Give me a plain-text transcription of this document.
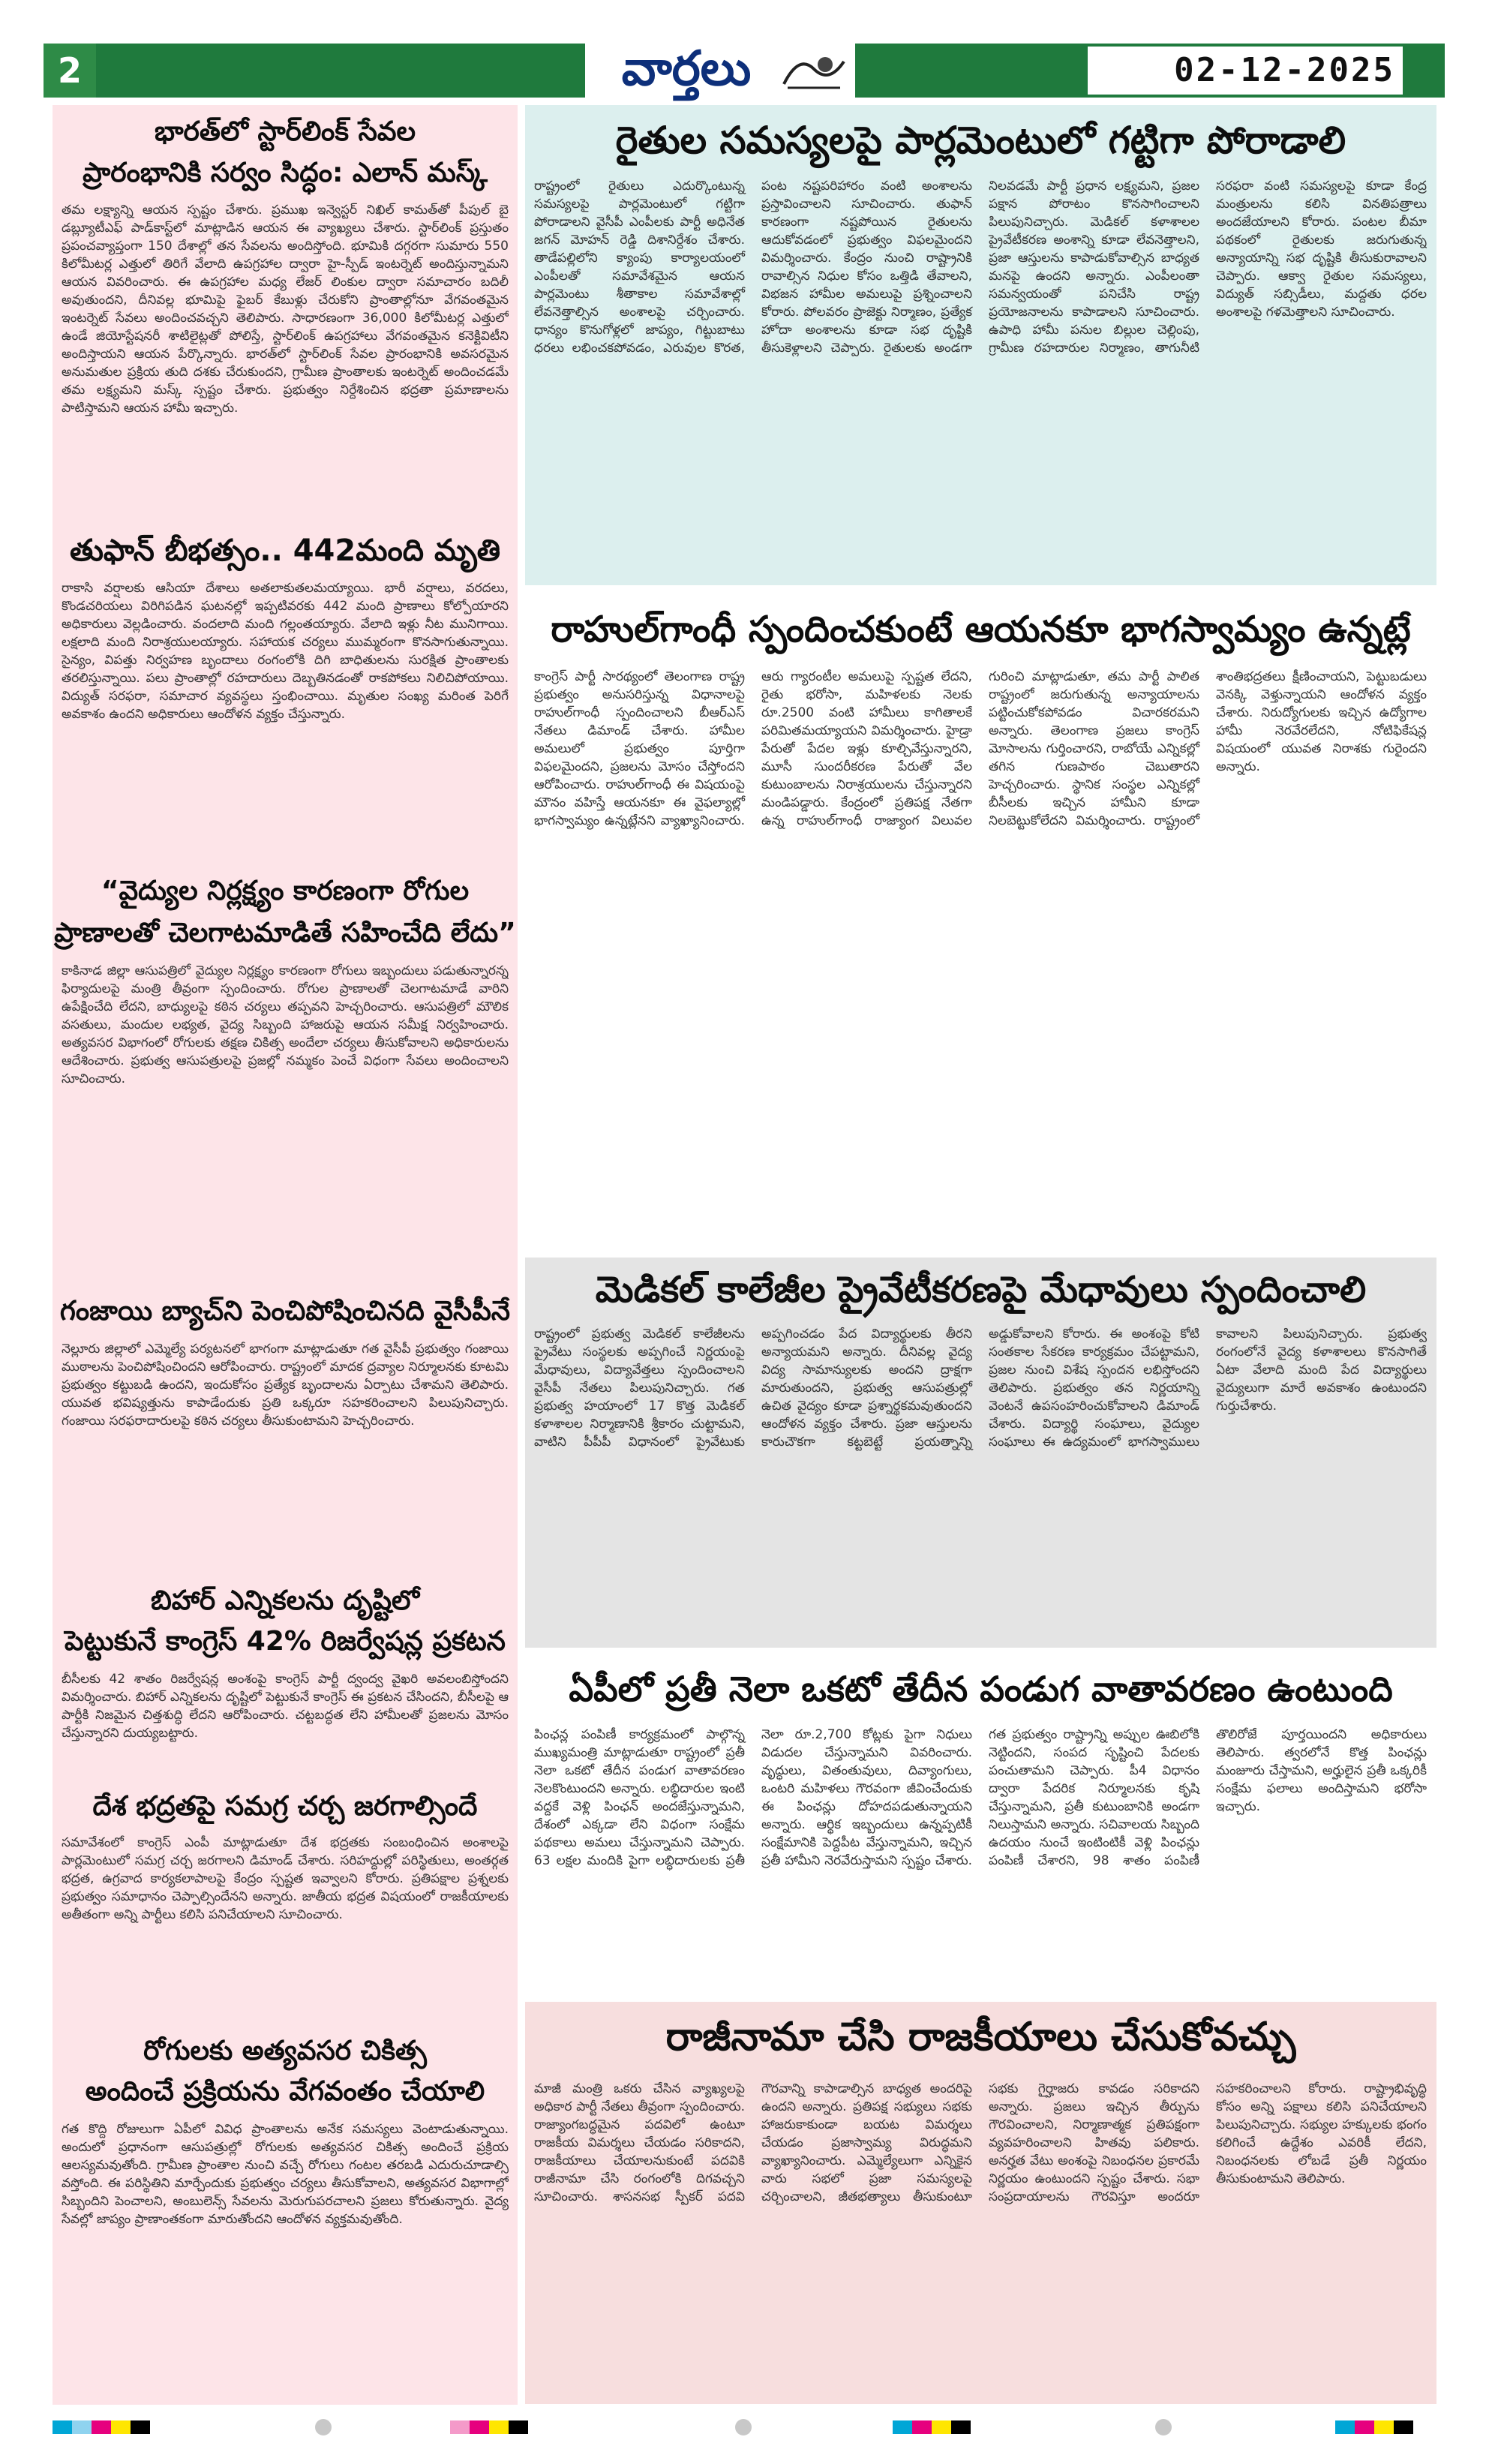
2	వార్తలు	02-12-2025
భారత్‌లో స్టార్‌లింక్ సేవల
ప్రారంభానికి సర్వం సిద్ధం: ఎలాన్ మస్క్
తమ లక్ష్యాన్ని ఆయన స్పష్టం చేశారు. ప్రముఖ ఇన్వెస్టర్ నిఖిల్ కామత్‌తో పీపుల్ బై డబ్ల్యూటీఎఫ్ పాడ్‌కాస్ట్‌లో మాట్లాడిన ఆయన ఈ వ్యాఖ్యలు చేశారు. స్టార్‌లింక్ ప్రస్తుతం ప్రపంచవ్యాప్తంగా 150 దేశాల్లో తన సేవలను అందిస్తోంది. భూమికి దగ్గరగా సుమారు 550 కిలోమీటర్ల ఎత్తులో తిరిగే వేలాది ఉపగ్రహాల ద్వారా హై-స్పీడ్ ఇంటర్నెట్ అందిస్తున్నామని ఆయన వివరించారు. ఈ ఉపగ్రహాల మధ్య లేజర్ లింకుల ద్వారా సమాచారం బదిలీ అవుతుందని, దీనివల్ల భూమిపై ఫైబర్ కేబుళ్లు చేరుకోని ప్రాంతాల్లోనూ వేగవంతమైన ఇంటర్నెట్ సేవలు అందించవచ్చని తెలిపారు. సాధారణంగా 36,000 కిలోమీటర్ల ఎత్తులో ఉండే జియోస్టేషనరీ శాటిలైట్లతో పోలిస్తే, స్టార్‌లింక్ ఉపగ్రహాలు వేగవంతమైన కనెక్టివిటీని అందిస్తాయని ఆయన పేర్కొన్నారు. భారత్‌లో స్టార్‌లింక్ సేవల ప్రారంభానికి అవసరమైన అనుమతుల ప్రక్రియ తుది దశకు చేరుకుందని, గ్రామీణ ప్రాంతాలకు ఇంటర్నెట్ అందించడమే తమ లక్ష్యమని మస్క్ స్పష్టం చేశారు. ప్రభుత్వం నిర్దేశించిన భద్రతా ప్రమాణాలను పాటిస్తామని ఆయన హామీ ఇచ్చారు.
తుఫాన్ బీభత్సం.. 442మంది మృతి
రాకాసి వర్షాలకు ఆసియా దేశాలు అతలాకుతలమయ్యాయి. భారీ వర్షాలు, వరదలు, కొండచరియలు విరిగిపడిన ఘటనల్లో ఇప్పటివరకు 442 మంది ప్రాణాలు కోల్పోయారని అధికారులు వెల్లడించారు. వందలాది మంది గల్లంతయ్యారు. వేలాది ఇళ్లు నీట మునిగాయి. లక్షలాది మంది నిరాశ్రయులయ్యారు. సహాయక చర్యలు ముమ్మరంగా కొనసాగుతున్నాయి. సైన్యం, విపత్తు నిర్వహణ బృందాలు రంగంలోకి దిగి బాధితులను సురక్షిత ప్రాంతాలకు తరలిస్తున్నాయి. పలు ప్రాంతాల్లో రహదారులు దెబ్బతినడంతో రాకపోకలు నిలిచిపోయాయి. విద్యుత్ సరఫరా, సమాచార వ్యవస్థలు స్తంభించాయి. మృతుల సంఖ్య మరింత పెరిగే అవకాశం ఉందని అధికారులు ఆందోళన వ్యక్తం చేస్తున్నారు.
“వైద్యుల నిర్లక్ష్యం కారణంగా రోగుల
ప్రాణాలతో చెలగాటమాడితే సహించేది లేదు”
కాకినాడ జిల్లా ఆసుపత్రిలో వైద్యుల నిర్లక్ష్యం కారణంగా రోగులు ఇబ్బందులు పడుతున్నారన్న ఫిర్యాదులపై మంత్రి తీవ్రంగా స్పందించారు. రోగుల ప్రాణాలతో చెలగాటమాడే వారిని ఉపేక్షించేది లేదని, బాధ్యులపై కఠిన చర్యలు తప్పవని హెచ్చరించారు. ఆసుపత్రిలో మౌలిక వసతులు, మందుల లభ్యత, వైద్య సిబ్బంది హాజరుపై ఆయన సమీక్ష నిర్వహించారు. అత్యవసర విభాగంలో రోగులకు తక్షణ చికిత్స అందేలా చర్యలు తీసుకోవాలని అధికారులను ఆదేశించారు. ప్రభుత్వ ఆసుపత్రులపై ప్రజల్లో నమ్మకం పెంచే విధంగా సేవలు అందించాలని సూచించారు.
గంజాయి బ్యాచ్‌ని పెంచిపోషించినది వైసీపీనే
నెల్లూరు జిల్లాలో ఎమ్మెల్యే పర్యటనలో భాగంగా మాట్లాడుతూ గత వైసీపీ ప్రభుత్వం గంజాయి ముఠాలను పెంచిపోషించిందని ఆరోపించారు. రాష్ట్రంలో మాదక ద్రవ్యాల నిర్మూలనకు కూటమి ప్రభుత్వం కట్టుబడి ఉందని, ఇందుకోసం ప్రత్యేక బృందాలను ఏర్పాటు చేశామని తెలిపారు. యువత భవిష్యత్తును కాపాడేందుకు ప్రతి ఒక్కరూ సహకరించాలని పిలుపునిచ్చారు. గంజాయి సరఫరాదారులపై కఠిన చర్యలు తీసుకుంటామని హెచ్చరించారు.
బిహార్ ఎన్నికలను దృష్టిలో
పెట్టుకునే కాంగ్రెస్ 42% రిజర్వేషన్ల ప్రకటన
బీసీలకు 42 శాతం రిజర్వేషన్ల అంశంపై కాంగ్రెస్ పార్టీ ద్వంద్వ వైఖరి అవలంబిస్తోందని విమర్శించారు. బిహార్ ఎన్నికలను దృష్టిలో పెట్టుకునే కాంగ్రెస్ ఈ ప్రకటన చేసిందని, బీసీలపై ఆ పార్టీకి నిజమైన చిత్తశుద్ధి లేదని ఆరోపించారు. చట్టబద్ధత లేని హామీలతో ప్రజలను మోసం చేస్తున్నారని దుయ్యబట్టారు.
దేశ భద్రతపై సమగ్ర చర్చ జరగాల్సిందే
సమావేశంలో కాంగ్రెస్ ఎంపీ మాట్లాడుతూ దేశ భద్రతకు సంబంధించిన అంశాలపై పార్లమెంటులో సమగ్ర చర్చ జరగాలని డిమాండ్ చేశారు. సరిహద్దుల్లో పరిస్థితులు, అంతర్గత భద్రత, ఉగ్రవాద కార్యకలాపాలపై కేంద్రం స్పష్టత ఇవ్వాలని కోరారు. ప్రతిపక్షాల ప్రశ్నలకు ప్రభుత్వం సమాధానం చెప్పాల్సిందేనని అన్నారు. జాతీయ భద్రత విషయంలో రాజకీయాలకు అతీతంగా అన్ని పార్టీలు కలిసి పనిచేయాలని సూచించారు.
రోగులకు అత్యవసర చికిత్స
అందించే ప్రక్రియను వేగవంతం చేయాలి
గత కొద్ది రోజులుగా ఏపీలో వివిధ ప్రాంతాలను అనేక సమస్యలు వెంటాడుతున్నాయి. అందులో ప్రధానంగా ఆసుపత్రుల్లో రోగులకు అత్యవసర చికిత్స అందించే ప్రక్రియ ఆలస్యమవుతోంది. గ్రామీణ ప్రాంతాల నుంచి వచ్చే రోగులు గంటల తరబడి ఎదురుచూడాల్సి వస్తోంది. ఈ పరిస్థితిని మార్చేందుకు ప్రభుత్వం చర్యలు తీసుకోవాలని, అత్యవసర విభాగాల్లో సిబ్బందిని పెంచాలని, అంబులెన్స్ సేవలను మెరుగుపరచాలని ప్రజలు కోరుతున్నారు. వైద్య సేవల్లో జాప్యం ప్రాణాంతకంగా మారుతోందని ఆందోళన వ్యక్తమవుతోంది.
రైతుల సమస్యలపై పార్లమెంటులో గట్టిగా పోరాడాలి
రాష్ట్రంలో రైతులు ఎదుర్కొంటున్న సమస్యలపై పార్లమెంటులో గట్టిగా పోరాడాలని వైసీపీ ఎంపీలకు పార్టీ అధినేత జగన్ మోహన్ రెడ్డి దిశానిర్దేశం చేశారు. తాడేపల్లిలోని క్యాంపు కార్యాలయంలో ఎంపీలతో సమావేశమైన ఆయన పార్లమెంటు శీతాకాల సమావేశాల్లో లేవనెత్తాల్సిన అంశాలపై చర్చించారు. ధాన్యం కొనుగోళ్లలో జాప్యం, గిట్టుబాటు ధరలు లభించకపోవడం, ఎరువుల కొరత, పంట నష్టపరిహారం వంటి అంశాలను ప్రస్తావించాలని సూచించారు. తుఫాన్ కారణంగా నష్టపోయిన రైతులను ఆదుకోవడంలో ప్రభుత్వం విఫలమైందని విమర్శించారు. కేంద్రం నుంచి రాష్ట్రానికి రావాల్సిన నిధుల కోసం ఒత్తిడి తేవాలని, విభజన హామీల అమలుపై ప్రశ్నించాలని కోరారు. పోలవరం ప్రాజెక్టు నిర్మాణం, ప్రత్యేక హోదా అంశాలను కూడా సభ దృష్టికి తీసుకెళ్లాలని చెప్పారు. రైతులకు అండగా నిలవడమే పార్టీ ప్రధాన లక్ష్యమని, ప్రజల పక్షాన పోరాటం కొనసాగించాలని పిలుపునిచ్చారు. మెడికల్ కళాశాలల ప్రైవేటీకరణ అంశాన్ని కూడా లేవనెత్తాలని, ప్రజా ఆస్తులను కాపాడుకోవాల్సిన బాధ్యత మనపై ఉందని అన్నారు. ఎంపీలంతా సమన్వయంతో పనిచేసి రాష్ట్ర ప్రయోజనాలను కాపాడాలని సూచించారు. ఉపాధి హామీ పనుల బిల్లుల చెల్లింపు, గ్రామీణ రహదారుల నిర్మాణం, తాగునీటి సరఫరా వంటి సమస్యలపై కూడా కేంద్ర మంత్రులను కలిసి వినతిపత్రాలు అందజేయాలని కోరారు. పంటల బీమా పథకంలో రైతులకు జరుగుతున్న అన్యాయాన్ని సభ దృష్టికి తీసుకురావాలని చెప్పారు. ఆక్వా రైతుల సమస్యలు, విద్యుత్ సబ్సిడీలు, మద్దతు ధరల అంశాలపై గళమెత్తాలని సూచించారు.
రాహుల్‌గాంధీ స్పందించకుంటే ఆయనకూ భాగస్వామ్యం ఉన్నట్లే
కాంగ్రెస్ పార్టీ సారథ్యంలో తెలంగాణ రాష్ట్ర ప్రభుత్వం అనుసరిస్తున్న విధానాలపై రాహుల్‌గాంధీ స్పందించాలని బీఆర్ఎస్ నేతలు డిమాండ్ చేశారు. హామీల అమలులో ప్రభుత్వం పూర్తిగా విఫలమైందని, ప్రజలను మోసం చేస్తోందని ఆరోపించారు. రాహుల్‌గాంధీ ఈ విషయంపై మౌనం వహిస్తే ఆయనకూ ఈ వైఫల్యాల్లో భాగస్వామ్యం ఉన్నట్లేనని వ్యాఖ్యానించారు. ఆరు గ్యారంటీల అమలుపై స్పష్టత లేదని, రైతు భరోసా, మహిళలకు నెలకు రూ.2500 వంటి హామీలు కాగితాలకే పరిమితమయ్యాయని విమర్శించారు. హైడ్రా పేరుతో పేదల ఇళ్లు కూల్చివేస్తున్నారని, మూసీ సుందరీకరణ పేరుతో వేల కుటుంబాలను నిరాశ్రయులను చేస్తున్నారని మండిపడ్డారు. కేంద్రంలో ప్రతిపక్ష నేతగా ఉన్న రాహుల్‌గాంధీ రాజ్యాంగ విలువల గురించి మాట్లాడుతూ, తమ పార్టీ పాలిత రాష్ట్రంలో జరుగుతున్న అన్యాయాలను పట్టించుకోకపోవడం విచారకరమని అన్నారు. తెలంగాణ ప్రజలు కాంగ్రెస్ మోసాలను గుర్తించారని, రాబోయే ఎన్నికల్లో తగిన గుణపాఠం చెబుతారని హెచ్చరించారు. స్థానిక సంస్థల ఎన్నికల్లో బీసీలకు ఇచ్చిన హామీని కూడా నిలబెట్టుకోలేదని విమర్శించారు. రాష్ట్రంలో శాంతిభద్రతలు క్షీణించాయని, పెట్టుబడులు వెనక్కి వెళ్తున్నాయని ఆందోళన వ్యక్తం చేశారు. నిరుద్యోగులకు ఇచ్చిన ఉద్యోగాల హామీ నెరవేరలేదని, నోటిఫికేషన్ల విషయంలో యువత నిరాశకు గురైందని అన్నారు.
మెడికల్ కాలేజీల ప్రైవేటీకరణపై మేధావులు స్పందించాలి
రాష్ట్రంలో ప్రభుత్వ మెడికల్ కాలేజీలను ప్రైవేటు సంస్థలకు అప్పగించే నిర్ణయంపై మేధావులు, విద్యావేత్తలు స్పందించాలని వైసీపీ నేతలు పిలుపునిచ్చారు. గత ప్రభుత్వ హయాంలో 17 కొత్త మెడికల్ కళాశాలల నిర్మాణానికి శ్రీకారం చుట్టామని, వాటిని పీపీపీ విధానంలో ప్రైవేటుకు అప్పగించడం పేద విద్యార్థులకు తీరని అన్యాయమని అన్నారు. దీనివల్ల వైద్య విద్య సామాన్యులకు అందని ద్రాక్షగా మారుతుందని, ప్రభుత్వ ఆసుపత్రుల్లో ఉచిత వైద్యం కూడా ప్రశ్నార్థకమవుతుందని ఆందోళన వ్యక్తం చేశారు. ప్రజా ఆస్తులను కారుచౌకగా కట్టబెట్టే ప్రయత్నాన్ని అడ్డుకోవాలని కోరారు. ఈ అంశంపై కోటి సంతకాల సేకరణ కార్యక్రమం చేపట్టామని, ప్రజల నుంచి విశేష స్పందన లభిస్తోందని తెలిపారు. ప్రభుత్వం తన నిర్ణయాన్ని వెంటనే ఉపసంహరించుకోవాలని డిమాండ్ చేశారు. విద్యార్థి సంఘాలు, వైద్యుల సంఘాలు ఈ ఉద్యమంలో భాగస్వాములు కావాలని పిలుపునిచ్చారు. ప్రభుత్వ రంగంలోనే వైద్య కళాశాలలు కొనసాగితే ఏటా వేలాది మంది పేద విద్యార్థులు వైద్యులుగా మారే అవకాశం ఉంటుందని గుర్తుచేశారు.
ఏపీలో ప్రతీ నెలా ఒకటో తేదీన పండుగ వాతావరణం ఉంటుంది
పింఛన్ల పంపిణీ కార్యక్రమంలో పాల్గొన్న ముఖ్యమంత్రి మాట్లాడుతూ రాష్ట్రంలో ప్రతీ నెలా ఒకటో తేదీన పండుగ వాతావరణం నెలకొంటుందని అన్నారు. లబ్ధిదారుల ఇంటి వద్దకే వెళ్లి పింఛన్ అందజేస్తున్నామని, దేశంలో ఎక్కడా లేని విధంగా సంక్షేమ పథకాలు అమలు చేస్తున్నామని చెప్పారు. 63 లక్షల మందికి పైగా లబ్ధిదారులకు ప్రతీ నెలా రూ.2,700 కోట్లకు పైగా నిధులు విడుదల చేస్తున్నామని వివరించారు. వృద్ధులు, వితంతువులు, దివ్యాంగులు, ఒంటరి మహిళలు గౌరవంగా జీవించేందుకు ఈ పింఛన్లు దోహదపడుతున్నాయని అన్నారు. ఆర్థిక ఇబ్బందులు ఉన్నప్పటికీ సంక్షేమానికి పెద్దపీట వేస్తున్నామని, ఇచ్చిన ప్రతీ హామీని నెరవేరుస్తామని స్పష్టం చేశారు. గత ప్రభుత్వం రాష్ట్రాన్ని అప్పుల ఊబిలోకి నెట్టిందని, సంపద సృష్టించి పేదలకు పంచుతామని చెప్పారు. పీ4 విధానం ద్వారా పేదరిక నిర్మూలనకు కృషి చేస్తున్నామని, ప్రతీ కుటుంబానికి అండగా నిలుస్తామని అన్నారు. సచివాలయ సిబ్బంది ఉదయం నుంచే ఇంటింటికీ వెళ్లి పింఛన్లు పంపిణీ చేశారని, 98 శాతం పంపిణీ తొలిరోజే పూర్తయిందని అధికారులు తెలిపారు. త్వరలోనే కొత్త పింఛన్లు మంజూరు చేస్తామని, అర్హులైన ప్రతీ ఒక్కరికీ సంక్షేమ ఫలాలు అందిస్తామని భరోసా ఇచ్చారు.
రాజీనామా చేసి రాజకీయాలు చేసుకోవచ్చు
మాజీ మంత్రి ఒకరు చేసిన వ్యాఖ్యలపై అధికార పార్టీ నేతలు తీవ్రంగా స్పందించారు. రాజ్యాంగబద్ధమైన పదవిలో ఉంటూ రాజకీయ విమర్శలు చేయడం సరికాదని, రాజకీయాలు చేయాలనుకుంటే పదవికి రాజీనామా చేసి రంగంలోకి దిగవచ్చని సూచించారు. శాసనసభ స్పీకర్ పదవి గౌరవాన్ని కాపాడాల్సిన బాధ్యత అందరిపై ఉందని అన్నారు. ప్రతిపక్ష సభ్యులు సభకు హాజరుకాకుండా బయట విమర్శలు చేయడం ప్రజాస్వామ్య విరుద్ధమని వ్యాఖ్యానించారు. ఎమ్మెల్యేలుగా ఎన్నికైన వారు సభలో ప్రజా సమస్యలపై చర్చించాలని, జీతభత్యాలు తీసుకుంటూ సభకు గైర్హాజరు కావడం సరికాదని అన్నారు. ప్రజలు ఇచ్చిన తీర్పును గౌరవించాలని, నిర్మాణాత్మక ప్రతిపక్షంగా వ్యవహరించాలని హితవు పలికారు. అనర్హత వేటు అంశంపై నిబంధనల ప్రకారమే నిర్ణయం ఉంటుందని స్పష్టం చేశారు. సభా సంప్రదాయాలను గౌరవిస్తూ అందరూ సహకరించాలని కోరారు. రాష్ట్రాభివృద్ధి కోసం అన్ని పక్షాలు కలిసి పనిచేయాలని పిలుపునిచ్చారు. సభ్యుల హక్కులకు భంగం కలిగించే ఉద్దేశం ఎవరికీ లేదని, నిబంధనలకు లోబడే ప్రతీ నిర్ణయం తీసుకుంటామని తెలిపారు.
